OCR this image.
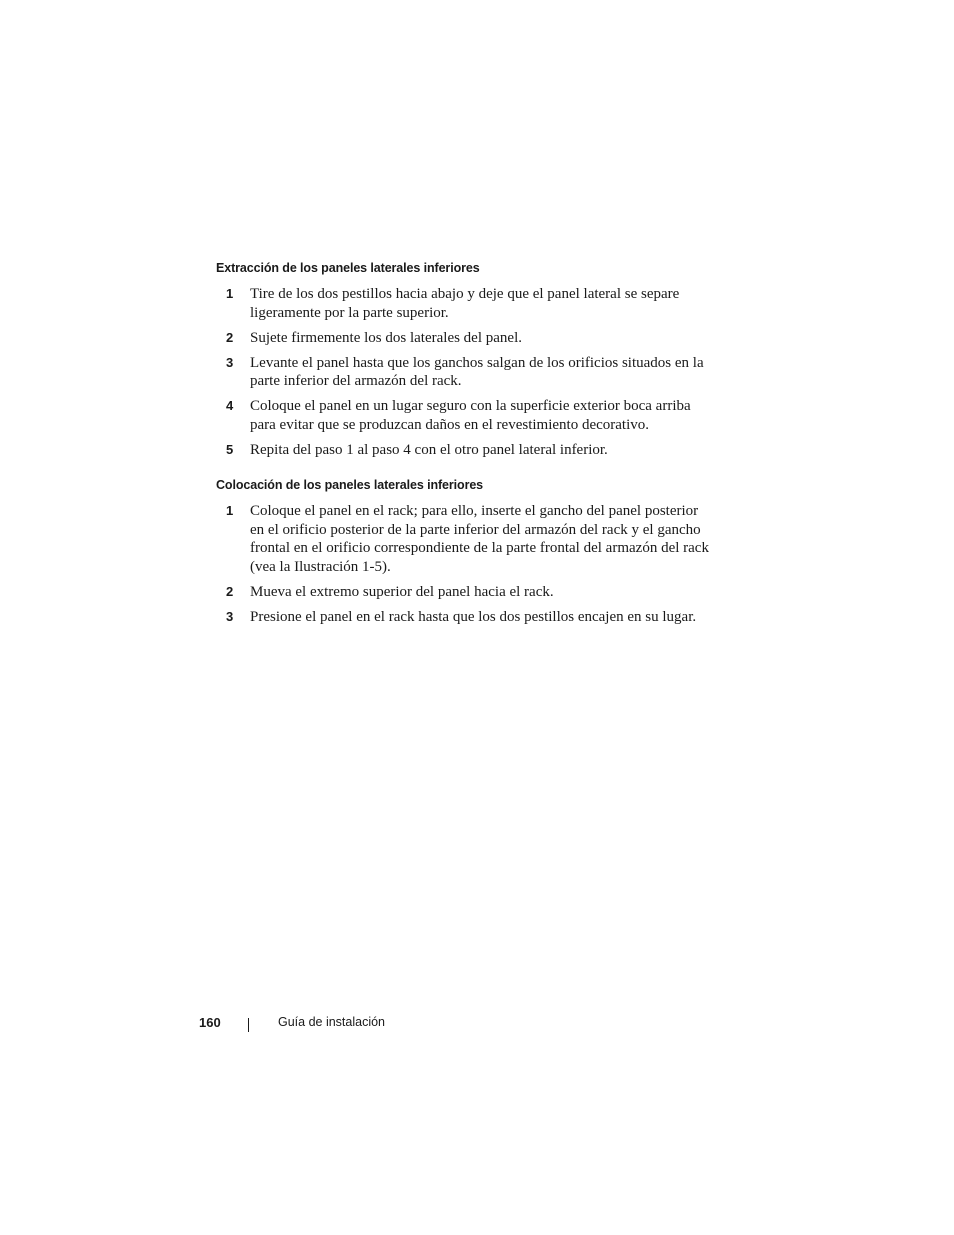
Extracción de los paneles laterales inferiores
1 Tire de los dos pestillos hacia abajo y deje que el panel lateral se separe ligeramente por la parte superior.
2 Sujete firmemente los dos laterales del panel.
3 Levante el panel hasta que los ganchos salgan de los orificios situados en la parte inferior del armazón del rack.
4 Coloque el panel en un lugar seguro con la superficie exterior boca arriba para evitar que se produzcan daños en el revestimiento decorativo.
5 Repita del paso 1 al paso 4 con el otro panel lateral inferior.
Colocación de los paneles laterales inferiores
1 Coloque el panel en el rack; para ello, inserte el gancho del panel posterior en el orificio posterior de la parte inferior del armazón del rack y el gancho frontal en el orificio correspondiente de la parte frontal del armazón del rack (vea la Ilustración 1-5).
2 Mueva el extremo superior del panel hacia el rack.
3 Presione el panel en el rack hasta que los dos pestillos encajen en su lugar.
160	Guía de instalación
